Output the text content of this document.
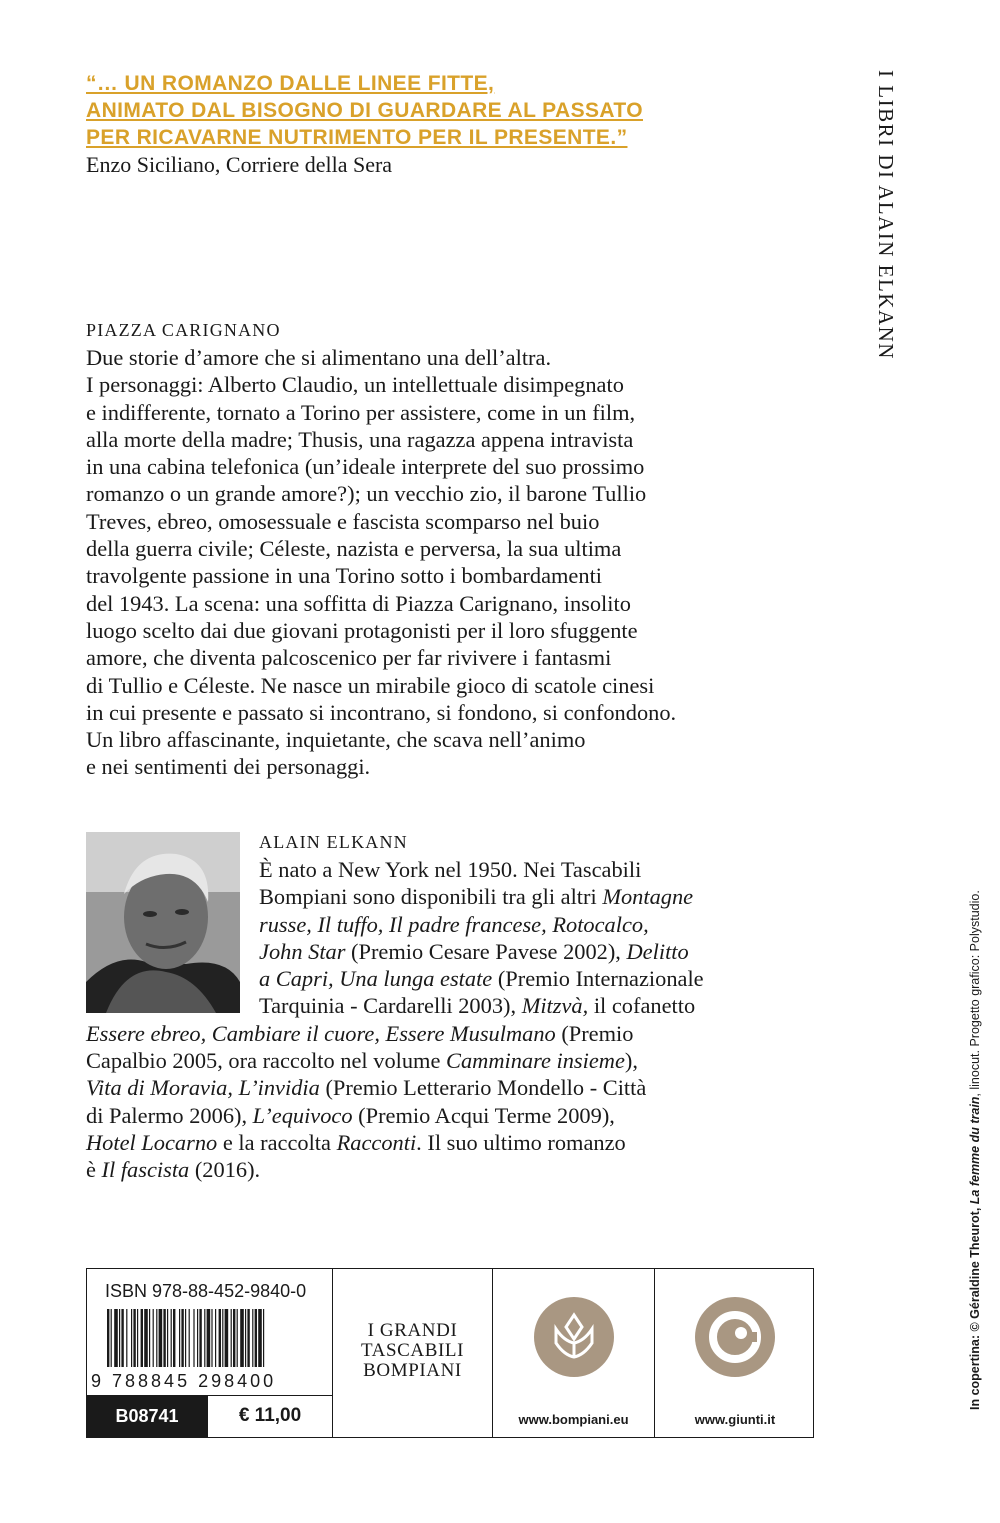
“… UN ROMANZO DALLE LINEE FITTE,
ANIMATO DAL BISOGNO DI GUARDARE AL PASSATO
PER RICAVARNE NUTRIMENTO PER IL PRESENTE.”
Enzo Siciliano, Corriere della Sera	I LIBRI DI ALAIN ELKANN
PIAZZA CARIGNANO
Due storie d’amore che si alimentano una dell’altra.
I personaggi: Alberto Claudio, un intellettuale disimpegnato
e indifferente, tornato a Torino per assistere, come in un film,
alla morte della madre; Thusis, una ragazza appena intravista
in una cabina telefonica (un’ideale interprete del suo prossimo
romanzo o un grande amore?); un vecchio zio, il barone Tullio
Treves, ebreo, omosessuale e fascista scomparso nel buio
della guerra civile; Céleste, nazista e perversa, la sua ultima
travolgente passione in una Torino sotto i bombardamenti
del 1943. La scena: una soffitta di Piazza Carignano, insolito
luogo scelto dai due giovani protagonisti per il loro sfuggente
amore, che diventa palcoscenico per far rivivere i fantasmi
di Tullio e Céleste. Ne nasce un mirabile gioco di scatole cinesi
in cui presente e passato si incontrano, si fondono, si confondono.
Un libro affascinante, inquietante, che scava nell’animo
e nei sentimenti dei personaggi.
ALAIN ELKANN
È nato a New York nel 1950. Nei Tascabili
Bompiani sono disponibili tra gli altri Montagne
russe, Il tuffo, Il padre francese, Rotocalco,
John Star (Premio Cesare Pavese 2002), Delitto
a Capri, Una lunga estate (Premio Internazionale
Tarquinia - Cardarelli 2003), Mitzvà, il cofanetto
Essere ebreo, Cambiare il cuore, Essere Musulmano (Premio
Capalbio 2005, ora raccolto nel volume Camminare insieme),
Vita di Moravia, L’invidia (Premio Letterario Mondello - Città
di Palermo 2006), L’equivoco (Premio Acqui Terme 2009),
Hotel Locarno e la raccolta Racconti. Il suo ultimo romanzo
è Il fascista (2016).
In copertina: © Géraldine Theurot, La femme du train, linocut. Progetto grafico: Polystudio.
ISBN 978-88-452-9840-0
9 788845 298400
B08741	€ 11,00
I GRANDI
TASCABILI
BOMPIANI
www.bompiani.eu	www.giunti.it
